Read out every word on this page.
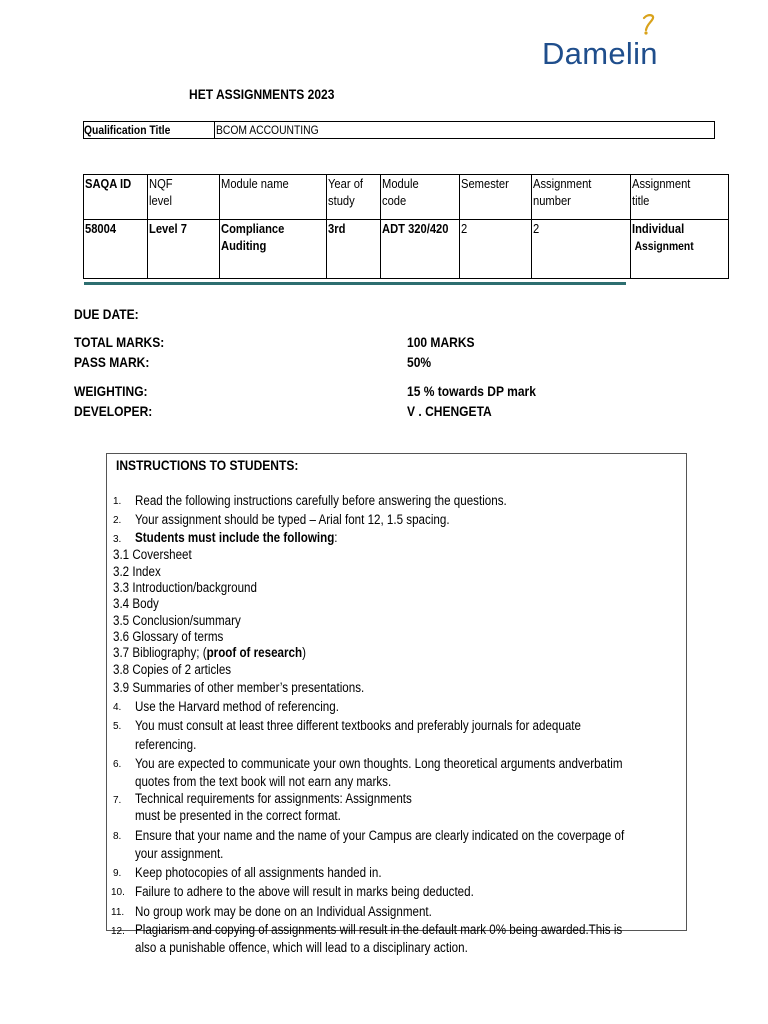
Damelin
HET ASSIGNMENTS 2023
Qualification Title	BCOM ACCOUNTING
SAQA ID	NQF level	Module name	Year of study	Module code	Semester	Assignment number	Assignment title
58004	Level 7	Compliance Auditing	3rd	ADT 320/420	2	2	Individual
Assignment
DUE DATE:
TOTAL MARKS:	100 MARKS
PASS MARK:	50%
WEIGHTING:	15 % towards DP mark
DEVELOPER:	V . CHENGETA
INSTRUCTIONS TO STUDENTS:
1. Read the following instructions carefully before answering the questions.
2. Your assignment should be typed – Arial font 12, 1.5 spacing.
3. Students must include the following:
3.1 Coversheet
3.2 Index
3.3 Introduction/background
3.4 Body
3.5 Conclusion/summary
3.6 Glossary of terms
3.7 Bibliography; (proof of research)
3.8 Copies of 2 articles
3.9 Summaries of other member’s presentations.
4. Use the Harvard method of referencing.
5. You must consult at least three different textbooks and preferably journals for adequate
referencing.
6. You are expected to communicate your own thoughts. Long theoretical arguments andverbatim
quotes from the text book will not earn any marks.
7. Technical requirements for assignments: Assignments
must be presented in the correct format.
8. Ensure that your name and the name of your Campus are clearly indicated on the coverpage of
your assignment.
9. Keep photocopies of all assignments handed in.
10. Failure to adhere to the above will result in marks being deducted.
11. No group work may be done on an Individual Assignment.
12. Plagiarism and copying of assignments will result in the default mark 0% being awarded.This is
also a punishable offence, which will lead to a disciplinary action.
